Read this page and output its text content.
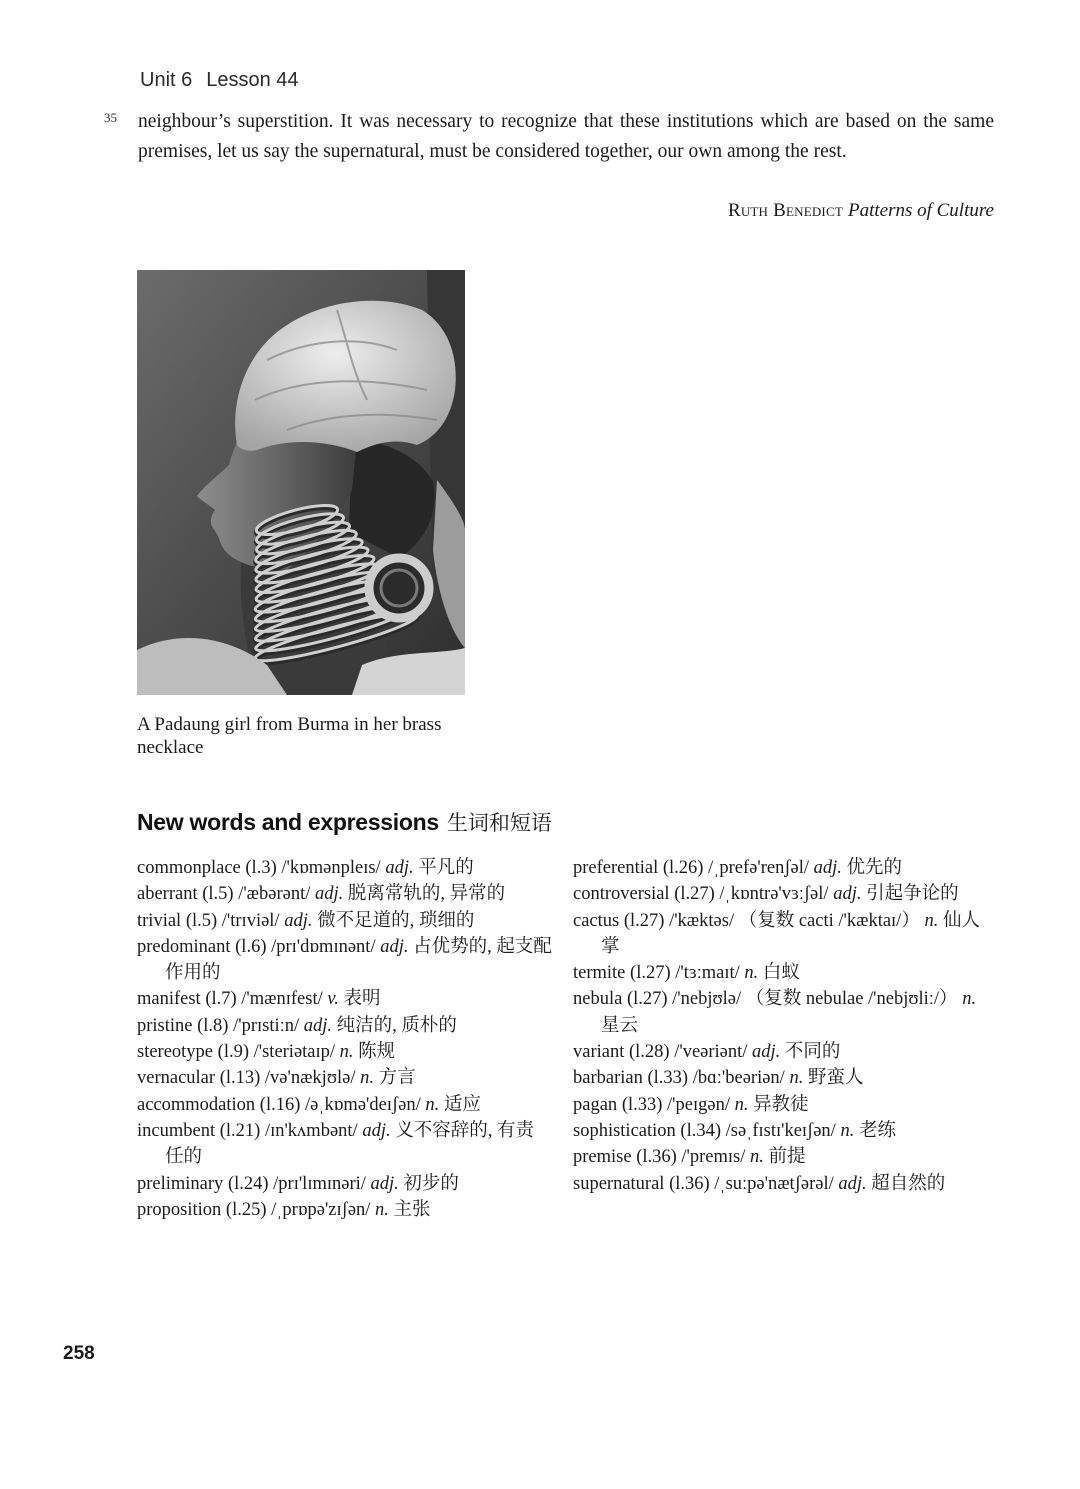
Unit 6 Lesson 44
35 neighbour’s superstition. It was necessary to recognize that these institutions which are based on the same
premises, let us say the supernatural, must be considered together, our own among the rest.
Ruth Benedict Patterns of Culture
A Padaung girl from Burma in her brass necklace
New words and expressions 生词和短语
commonplace (l.3) /'kɒmənpleɪs/ adj. 平凡的
aberrant (l.5) /'æbərənt/ adj. 脱离常轨的, 异常的
trivial (l.5) /'trɪviəl/ adj. 微不足道的, 琐细的
predominant (l.6) /prɪ'dɒmɪnənt/ adj. 占优势的, 起支配作用的
manifest (l.7) /'mænɪfest/ v. 表明
pristine (l.8) /'prɪstiːn/ adj. 纯洁的, 质朴的
stereotype (l.9) /'steriətaɪp/ n. 陈规
vernacular (l.13) /və'nækjʊlə/ n. 方言
accommodation (l.16) /əˌkɒmə'deɪʃən/ n. 适应
incumbent (l.21) /ɪn'kʌmbənt/ adj. 义不容辞的, 有责任的
preliminary (l.24) /prɪ'lɪmɪnəri/ adj. 初步的
proposition (l.25) /ˌprɒpə'zɪʃən/ n. 主张
preferential (l.26) /ˌprefə'renʃəl/ adj. 优先的
controversial (l.27) /ˌkɒntrə'vɜːʃəl/ adj. 引起争论的
cactus (l.27) /'kæktəs/ （复数 cacti /'kæktaɪ/） n. 仙人掌
termite (l.27) /'tɜːmaɪt/ n. 白蚁
nebula (l.27) /'nebjʊlə/ （复数 nebulae /'nebjʊliː/） n. 星云
variant (l.28) /'veəriənt/ adj. 不同的
barbarian (l.33) /bɑː'beəriən/ n. 野蛮人
pagan (l.33) /'peɪgən/ n. 异教徒
sophistication (l.34) /səˌfɪstɪ'keɪʃən/ n. 老练
premise (l.36) /'premɪs/ n. 前提
supernatural (l.36) /ˌsuːpə'nætʃərəl/ adj. 超自然的
258
